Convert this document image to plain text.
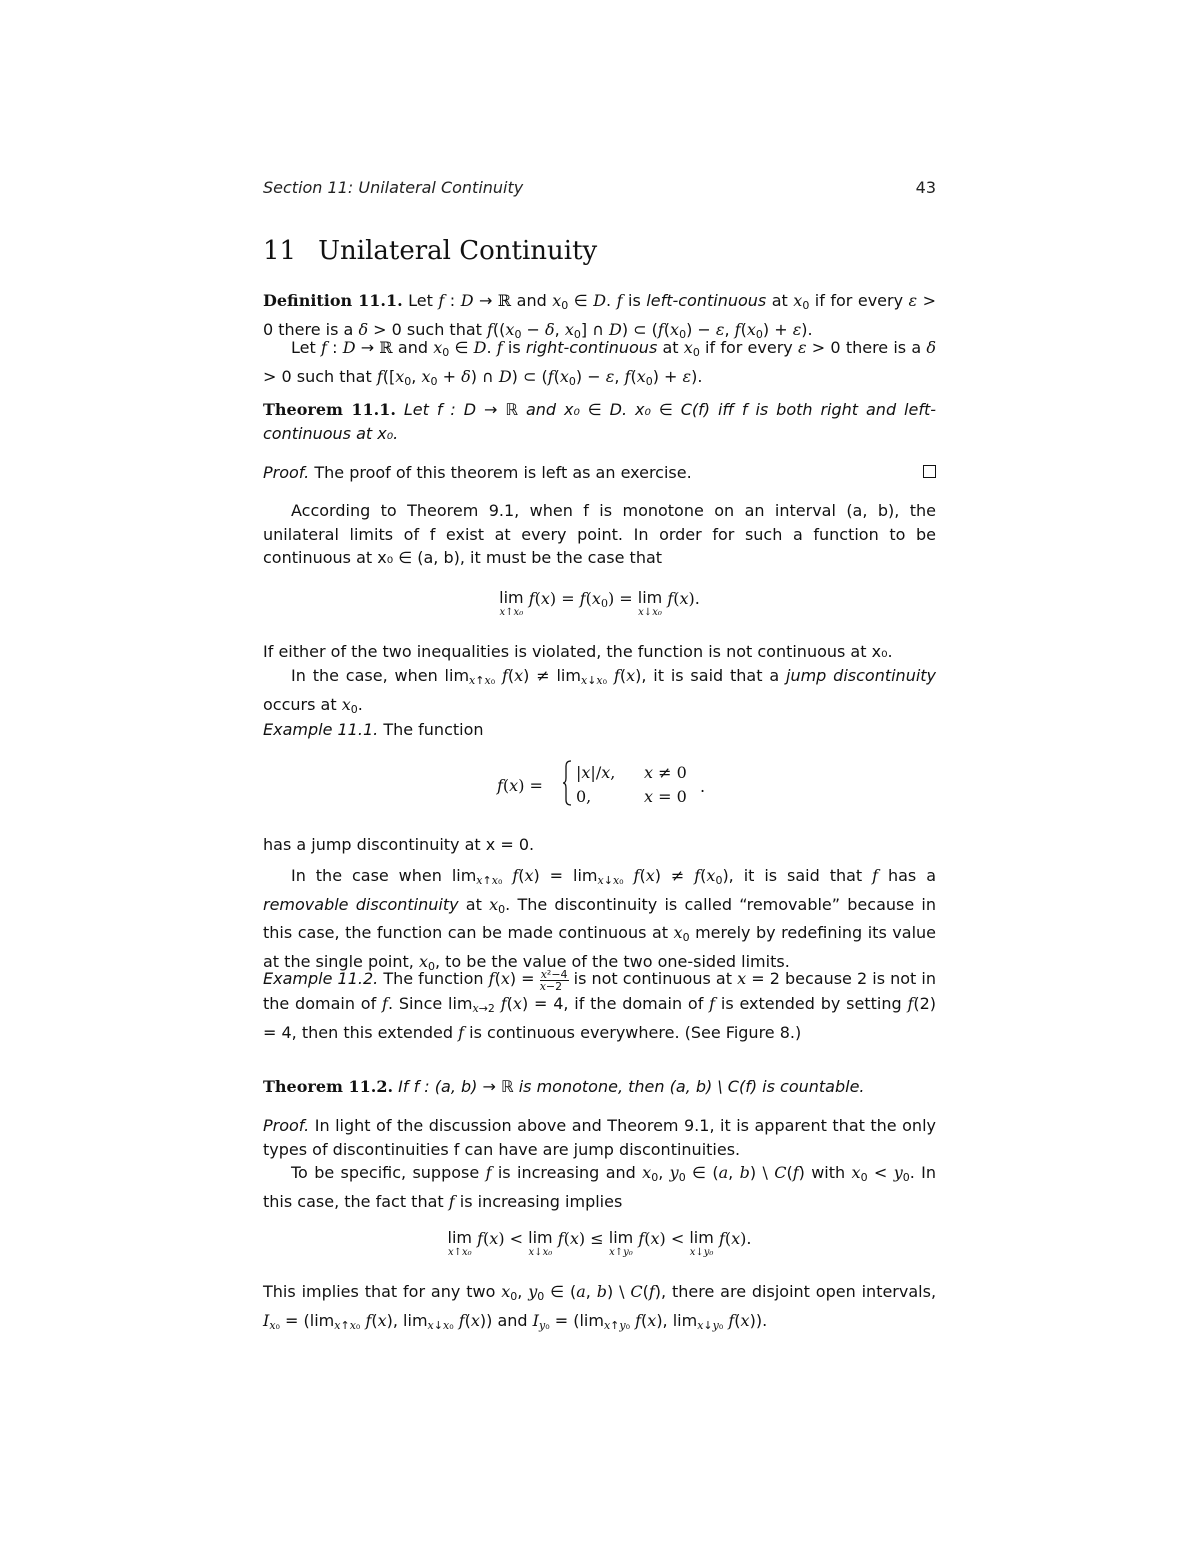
Section 11: Unilateral Continuity	43
11 Unilateral Continuity
Definition 11.1. Let f : D → ℝ and $x_0$ ∈ D. f is left-continuous at $x_0$ if for every ε > 0 there is a δ > 0 such that $f((x_0 - \delta$, $x_0$] ∩ D) ⊂ ($f(x_0) - \varepsilon$, $f(x_0) + \varepsilon$).
Let f : D → ℝ and $x_0$ ∈ D. f is right-continuous at $x_0$ if for every ε > 0 there is a δ > 0 such that $f([x_0$, $x_0 + \delta$) ∩ D) ⊂ ($f(x_0) - \varepsilon$, $f(x_0) + \varepsilon$).
Theorem 11.1. Let f : D → ℝ and x₀ ∈ D. x₀ ∈ C(f) iff f is both right and left-continuous at x₀.
Proof. The proof of this theorem is left as an exercise.
According to Theorem 9.1, when f is monotone on an interval (a, b), the unilateral limits of f exist at every point. In order for such a function to be continuous at x₀ ∈ (a, b), it must be the case that
lim
x↑x₀
$f(x) = f(x_0) = \lim$
x↓x₀
f(x).
If either of the two inequalities is violated, the function is not continuous at x₀.
In the case, when $\lim_{x↑x_0} f(x) \ne \lim_{x↓x_0} f(x)$, it is said that a jump discontinuity occurs at $x_0$.
Example 11.1. The function
f(x) =
|x|/x, x ≠ 0
0,	x = 0
.
has a jump discontinuity at x = 0.
In the case when $\lim_{x↑x_0} f(x) = \lim_{x↓x_0} f(x) \ne f(x_0)$, it is said that f has a removable discontinuity at $x_0$. The discontinuity is called “removable” because in this case, the function can be made continuous at $x_0$ merely by redefining its value at the single point, $x_0$, to be the value of the two one-sided limits.
Example 11.2. The function $f(x) = \frac{\text{x²−4}}{x-2}$ is not continuous at x = 2 because 2 is not in the domain of f. Since $\lim_{x\to 2} f(x) = 4$, if the domain of f is extended by setting f(2) = 4, then this extended f is continuous everywhere. (See Figure 8.)
Theorem 11.2. If f : (a, b) → ℝ is monotone, then (a, b) \ C(f) is countable.
Proof. In light of the discussion above and Theorem 9.1, it is apparent that the only types of discontinuities f can have are jump discontinuities.
To be specific, suppose f is increasing and $x_0$, $y_0$ ∈ (a, b) \ C(f) with $x_0 < y_0$. In this case, the fact that f is increasing implies
lim
x↑x₀
f(x) < lim
x↓x₀
f(x) ≤ lim
x↑y₀
f(x) < lim
x↓y₀
f(x).
This implies that for any two $x_0$, $y_0$ ∈ (a, b) \ C(f), there are disjoint open intervals, $I_{x_0} = (\lim_{x↑x_0}$ f(x), $\lim_{x↓x_0} f(x)$) and $I_{y_0} = (\lim_{x↑y_0}$ f(x), $\lim_{x↓y_0} f(x)$).
